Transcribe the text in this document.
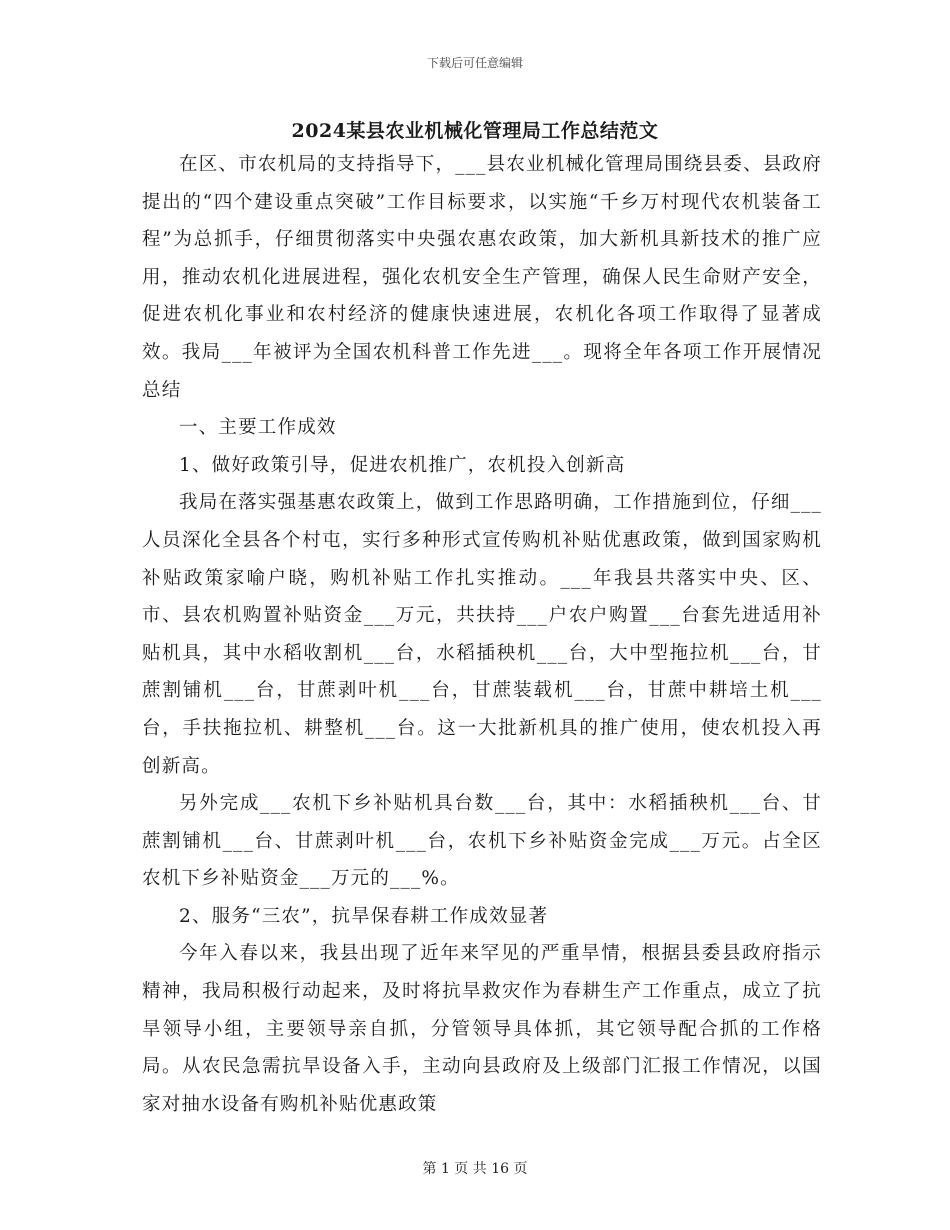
下载后可任意编辑
2024某县农业机械化管理局工作总结范文

在区、市农机局的支持指导下，___县农业机械化管理局围绕县委、县政府提出的“四个建设重点突破”工作目标要求，以实施“千乡万村现代农机装备工程”为总抓手，仔细贯彻落实中央强农惠农政策，加大新机具新技术的推广应用，推动农机化进展进程，强化农机安全生产管理，确保人民生命财产安全，促进农机化事业和农村经济的健康快速进展，农机化各项工作取得了显著成效。我局___年被评为全国农机科普工作先进___。现将全年各项工作开展情况总结

一、主要工作成效

1、做好政策引导，促进农机推广，农机投入创新高

我局在落实强基惠农政策上，做到工作思路明确，工作措施到位，仔细___人员深化全县各个村屯，实行多种形式宣传购机补贴优惠政策，做到国家购机补贴政策家喻户晓，购机补贴工作扎实推动。___年我县共落实中央、区、市、县农机购置补贴资金___万元，共扶持___户农户购置___台套先进适用补贴机具，其中水稻收割机___台，水稻插秧机___台，大中型拖拉机___台，甘蔗割铺机___台，甘蔗剥叶机___台，甘蔗装载机___台，甘蔗中耕培土机___台，手扶拖拉机、耕整机___台。这一大批新机具的推广使用，使农机投入再创新高。

另外完成___农机下乡补贴机具台数___台，其中：水稻插秧机___台、甘蔗割铺机___台、甘蔗剥叶机___台，农机下乡补贴资金完成___万元。占全区农机下乡补贴资金___万元的___%。

2、服务“三农”，抗旱保春耕工作成效显著

今年入春以来，我县出现了近年来罕见的严重旱情，根据县委县政府指示精神，我局积极行动起来，及时将抗旱救灾作为春耕生产工作重点，成立了抗旱领导小组，主要领导亲自抓，分管领导具体抓，其它领导配合抓的工作格局。从农民急需抗旱设备入手，主动向县政府及上级部门汇报工作情况，以国家对抽水设备有购机补贴优惠政策

第 1 页 共 16 页
